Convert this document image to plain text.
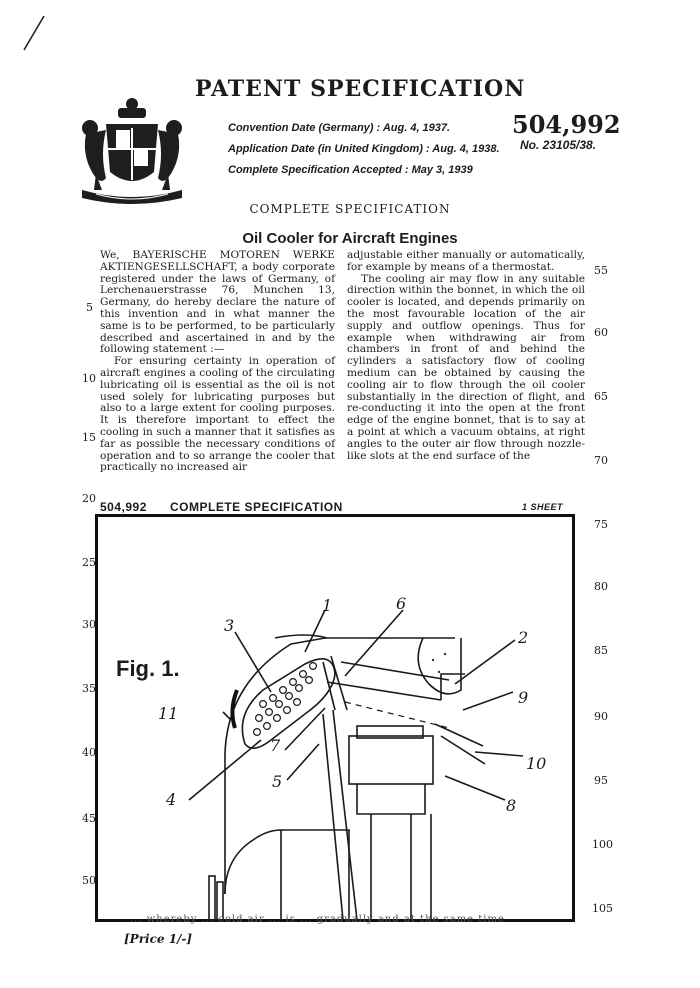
PATENT SPECIFICATION
504,992
No. 23105/38.
Convention Date (Germany) : Aug. 4, 1937.
Application Date (in United Kingdom) : Aug. 4, 1938.
Complete Specification Accepted : May 3, 1939
COMPLETE SPECIFICATION
Oil Cooler for Aircraft Engines

We, BAYERISCHE MOTOREN WERKE AKTIENGESELLSCHAFT, a body corporate registered under the laws of Germany, of Lerchenauerstrasse 76, Munchen 13, Germany, do hereby declare the nature of this invention and in what manner the same is to be performed, to be particularly described and ascertained in and by the following statement :—

For ensuring certainty in operation of aircraft engines a cooling of the circulating lubricating oil is essential as the oil is not used solely for lubricating purposes but also to a large extent for cooling purposes. It is therefore important to effect the cooling in such a manner that it satisfies as far as possible the necessary conditions of operation and to so arrange the cooler that practically no increased air

adjustable either manually or automatically, for example by means of a thermostat.

The cooling air may flow in any suitable direction within the bonnet, in which the oil cooler is located, and depends primarily on the most favourable location of the air supply and outflow openings. Thus for example when withdrawing air from chambers in front of and behind the cylinders a satisfactory flow of cooling medium can be obtained by causing the cooling air to flow through the oil cooler substantially in the direction of flight, and re-conducting it into the open at the front edge of the engine bonnet, that is to say at a point at which a vacuum obtains, at right angles to the outer air flow through nozzle-like slots at the end surface of the

5
10
15
20
25
30
35
40
45
50
55
60
65
70
75
80
85
90
95
100
105
504,992 COMPLETE SPECIFICATION	1 SHEET
Fig. 1.
1
2
3
4
5
6
7
8
9
10
11
... whereby ... cold air ... is ... gradually and at the same time
[Price 1/-]
